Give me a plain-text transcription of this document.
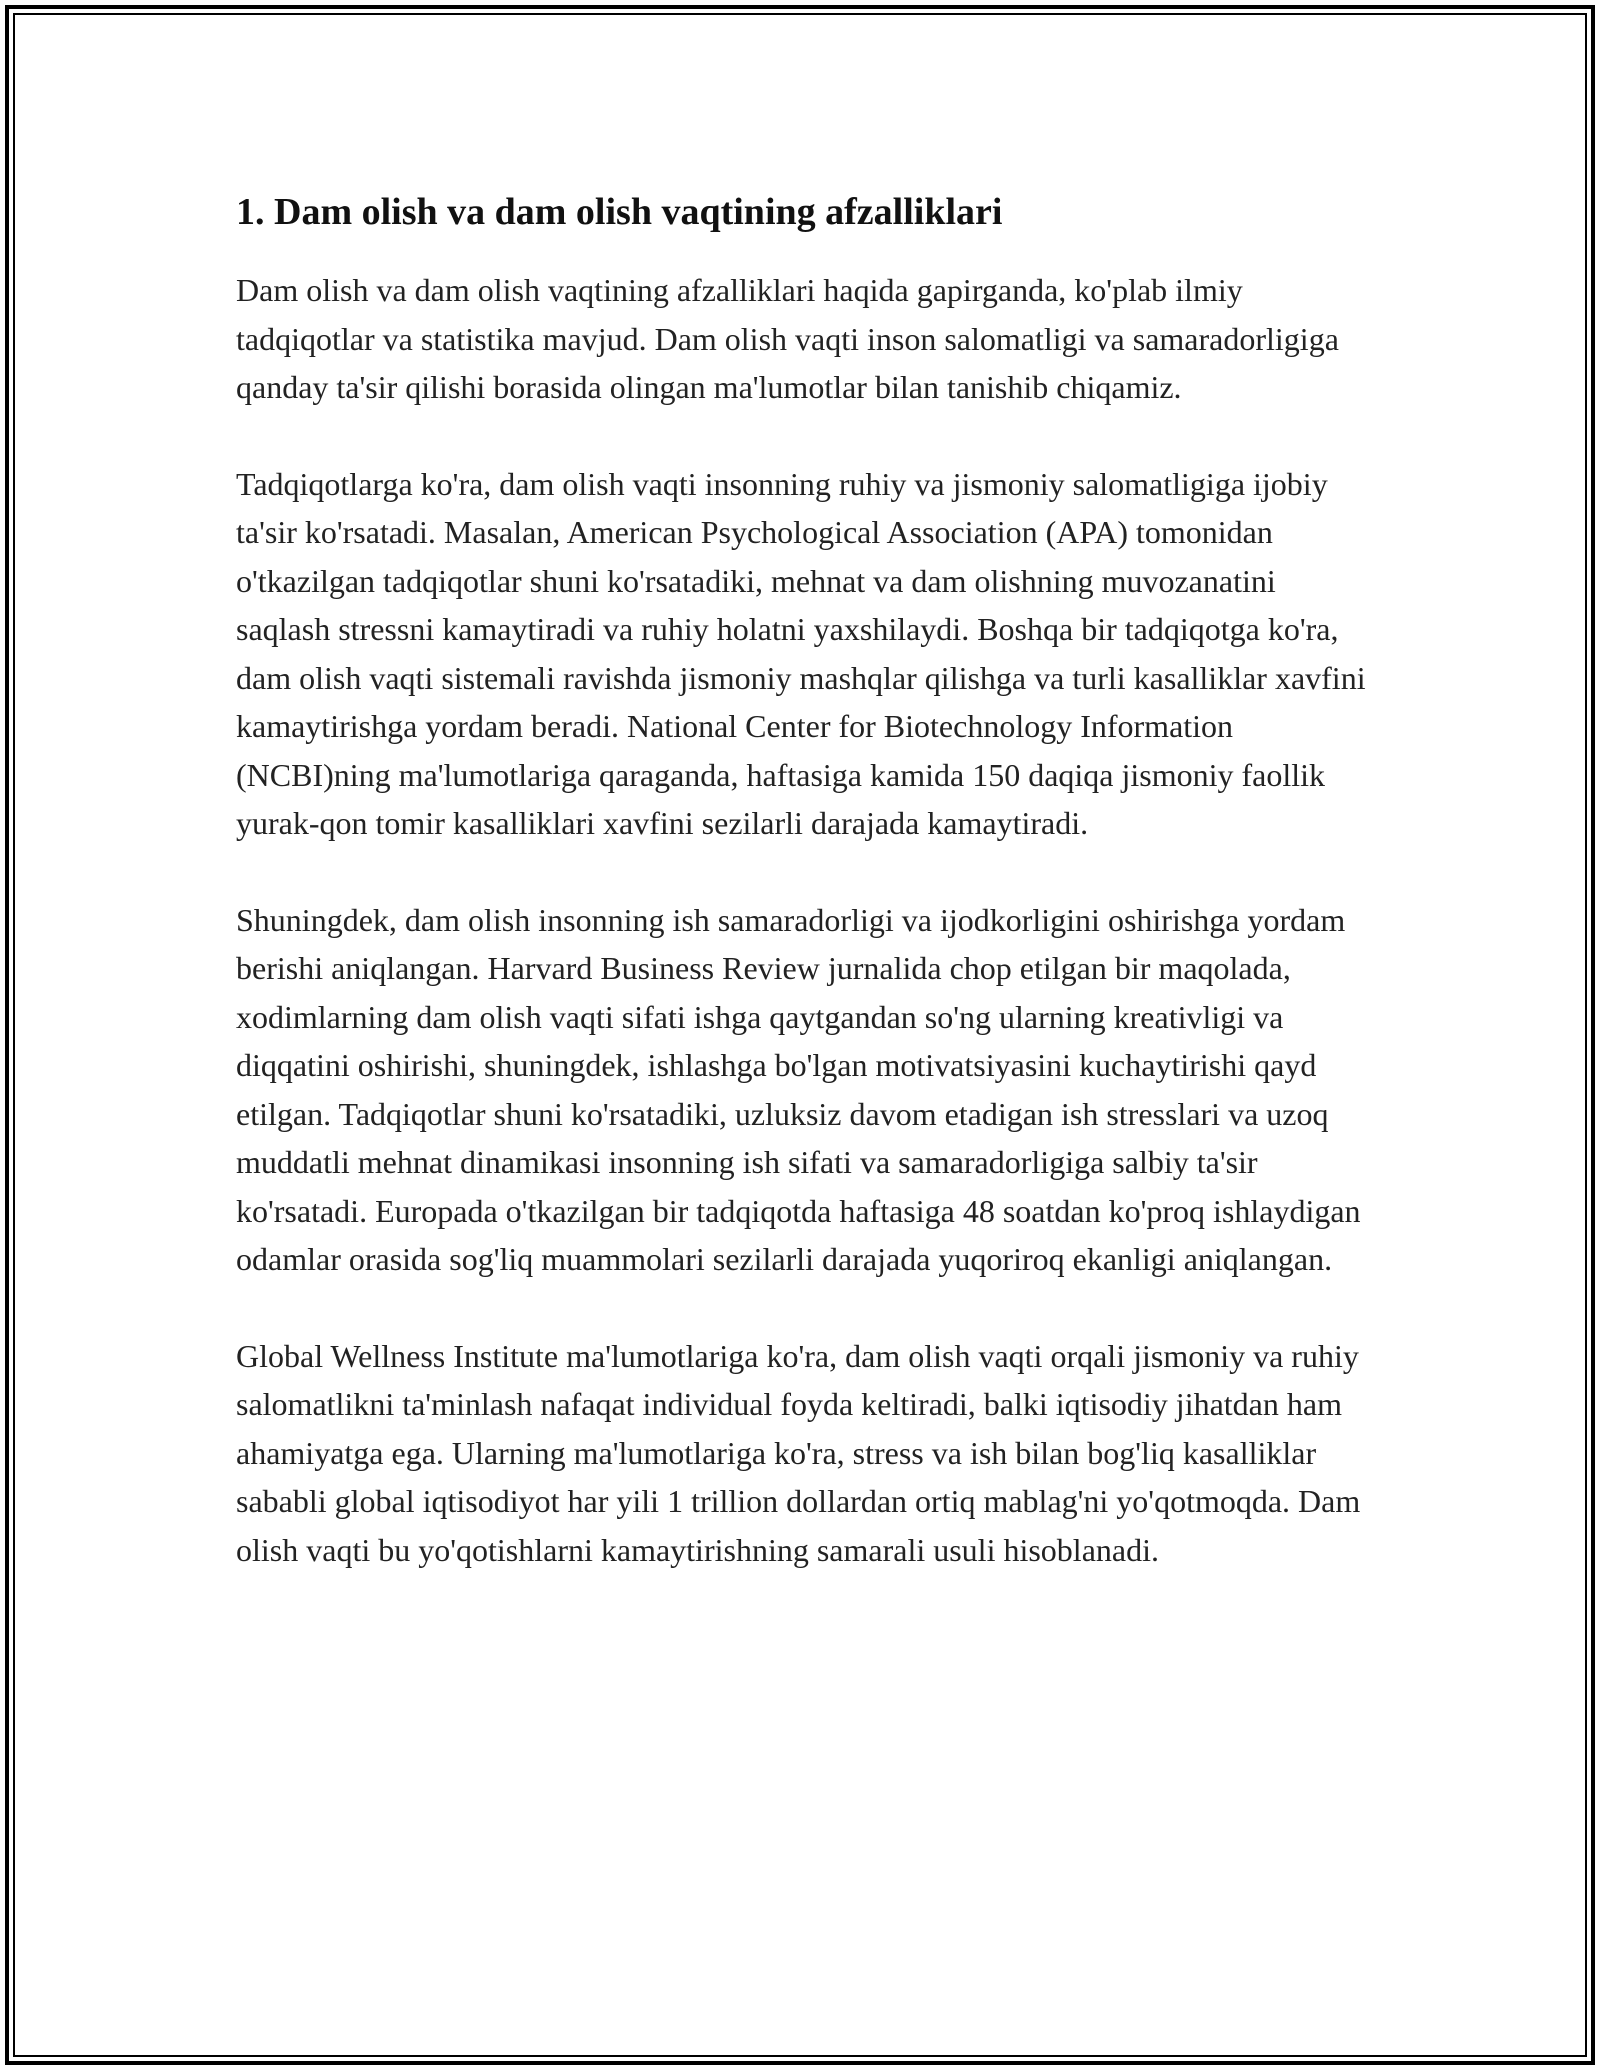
1. Dam olish va dam olish vaqtining afzalliklari

Dam olish va dam olish vaqtining afzalliklari haqida gapirganda, ko'plab ilmiy tadqiqotlar va statistika mavjud. Dam olish vaqti inson salomatligi va samaradorligiga qanday ta'sir qilishi borasida olingan ma'lumotlar bilan tanishib chiqamiz.

Tadqiqotlarga ko'ra, dam olish vaqti insonning ruhiy va jismoniy salomatligiga ijobiy ta'sir ko'rsatadi. Masalan, American Psychological Association (APA) tomonidan o'tkazilgan tadqiqotlar shuni ko'rsatadiki, mehnat va dam olishning muvozanatini saqlash stressni kamaytiradi va ruhiy holatni yaxshilaydi. Boshqa bir tadqiqotga ko'ra, dam olish vaqti sistemali ravishda jismoniy mashqlar qilishga va turli kasalliklar xavfini kamaytirishga yordam beradi. National Center for Biotechnology Information (NCBI)ning ma'lumotlariga qaraganda, haftasiga kamida 150 daqiqa jismoniy faollik yurak-qon tomir kasalliklari xavfini sezilarli darajada kamaytiradi.

Shuningdek, dam olish insonning ish samaradorligi va ijodkorligini oshirishga yordam berishi aniqlangan. Harvard Business Review jurnalida chop etilgan bir maqolada, xodimlarning dam olish vaqti sifati ishga qaytgandan so'ng ularning kreativligi va diqqatini oshirishi, shuningdek, ishlashga bo'lgan motivatsiyasini kuchaytirishi qayd etilgan. Tadqiqotlar shuni ko'rsatadiki, uzluksiz davom etadigan ish stresslari va uzoq muddatli mehnat dinamikasi insonning ish sifati va samaradorligiga salbiy ta'sir ko'rsatadi. Europada o'tkazilgan bir tadqiqotda haftasiga 48 soatdan ko'proq ishlaydigan odamlar orasida sog'liq muammolari sezilarli darajada yuqoriroq ekanligi aniqlangan.

Global Wellness Institute ma'lumotlariga ko'ra, dam olish vaqti orqali jismoniy va ruhiy salomatlikni ta'minlash nafaqat individual foyda keltiradi, balki iqtisodiy jihatdan ham ahamiyatga ega. Ularning ma'lumotlariga ko'ra, stress va ish bilan bog'liq kasalliklar sababli global iqtisodiyot har yili 1 trillion dollardan ortiq mablag'ni yo'qotmoqda. Dam olish vaqti bu yo'qotishlarni kamaytirishning samarali usuli hisoblanadi.
